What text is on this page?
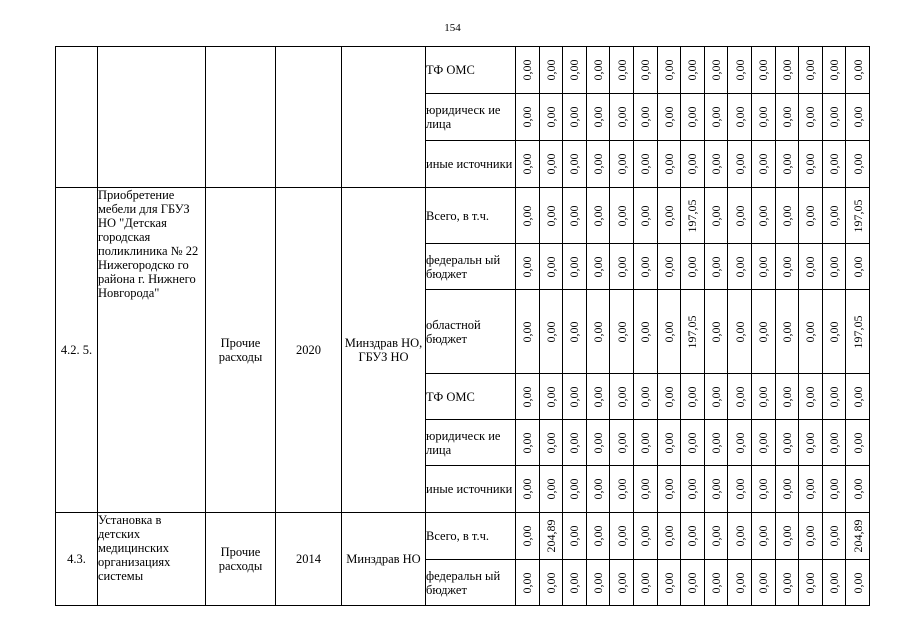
154
					ТФ ОМС	0,00	0,00	0,00	0,00	0,00	0,00	0,00	0,00	0,00	0,00	0,00	0,00	0,00	0,00	0,00

					юридическ ие лица	0,00	0,00	0,00	0,00	0,00	0,00	0,00	0,00	0,00	0,00	0,00	0,00	0,00	0,00	0,00

					иные источники	0,00	0,00	0,00	0,00	0,00	0,00	0,00	0,00	0,00	0,00	0,00	0,00	0,00	0,00	0,00

4.2. 5.	Приобретение мебели для ГБУЗ НО "Детская городская поликлиника № 22 Нижегородско го района г. Нижнего Новгорода"	Прочие расходы	2020	Минздрав НО, ГБУЗ НО	Всего, в т.ч.	0,00	0,00	0,00	0,00	0,00	0,00	0,00	197,05	0,00	0,00	0,00	0,00	0,00	0,00	197,05

					федеральн ый бюджет	0,00	0,00	0,00	0,00	0,00	0,00	0,00	0,00	0,00	0,00	0,00	0,00	0,00	0,00	0,00

					областной бюджет	0,00	0,00	0,00	0,00	0,00	0,00	0,00	197,05	0,00	0,00	0,00	0,00	0,00	0,00	197,05

					ТФ ОМС	0,00	0,00	0,00	0,00	0,00	0,00	0,00	0,00	0,00	0,00	0,00	0,00	0,00	0,00	0,00

					юридическ ие лица	0,00	0,00	0,00	0,00	0,00	0,00	0,00	0,00	0,00	0,00	0,00	0,00	0,00	0,00	0,00

					иные источники	0,00	0,00	0,00	0,00	0,00	0,00	0,00	0,00	0,00	0,00	0,00	0,00	0,00	0,00	0,00

4.3.	Установка в детских медицинских организациях системы	Прочие расходы	2014	Минздрав НО	Всего, в т.ч.	0,00	204,89	0,00	0,00	0,00	0,00	0,00	0,00	0,00	0,00	0,00	0,00	0,00	0,00	204,89

					федеральн ый бюджет	0,00	0,00	0,00	0,00	0,00	0,00	0,00	0,00	0,00	0,00	0,00	0,00	0,00	0,00	0,00
